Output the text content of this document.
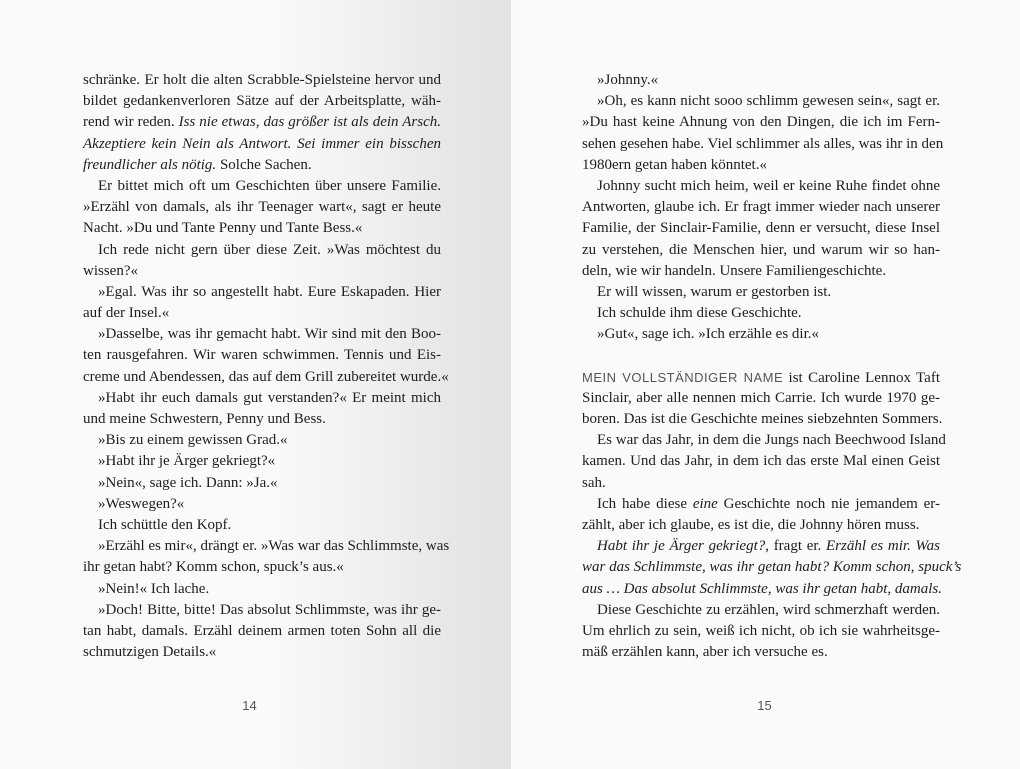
schränke. Er holt die alten Scrabble-Spielsteine hervor und
bildet gedankenverloren Sätze auf der Arbeitsplatte, wäh-
rend wir reden. Iss nie etwas, das größer ist als dein Arsch.
Akzeptiere kein Nein als Antwort. Sei immer ein bisschen
freundlicher als nötig. Solche Sachen.
Er bittet mich oft um Geschichten über unsere Familie.
»Erzähl von damals, als ihr Teenager wart«, sagt er heute
Nacht. »Du und Tante Penny und Tante Bess.«
Ich rede nicht gern über diese Zeit. »Was möchtest du
wissen?«
»Egal. Was ihr so angestellt habt. Eure Eskapaden. Hier
auf der Insel.«
»Dasselbe, was ihr gemacht habt. Wir sind mit den Boo-
ten rausgefahren. Wir waren schwimmen. Tennis und Eis-
creme und Abendessen, das auf dem Grill zubereitet wurde.«
»Habt ihr euch damals gut verstanden?« Er meint mich
und meine Schwestern, Penny und Bess.
»Bis zu einem gewissen Grad.«
»Habt ihr je Ärger gekriegt?«
»Nein«, sage ich. Dann: »Ja.«
»Weswegen?«
Ich schüttle den Kopf.
»Erzähl es mir«, drängt er. »Was war das Schlimmste, was
ihr getan habt? Komm schon, spuck’s aus.«
»Nein!« Ich lache.
»Doch! Bitte, bitte! Das absolut Schlimmste, was ihr ge-
tan habt, damals. Erzähl deinem armen toten Sohn all die
schmutzigen Details.«
14
»Johnny.«
»Oh, es kann nicht sooo schlimm gewesen sein«, sagt er.
»Du hast keine Ahnung von den Dingen, die ich im Fern-
sehen gesehen habe. Viel schlimmer als alles, was ihr in den
1980ern getan haben könntet.«
Johnny sucht mich heim, weil er keine Ruhe findet ohne
Antworten, glaube ich. Er fragt immer wieder nach unserer
Familie, der Sinclair-Familie, denn er versucht, diese Insel
zu verstehen, die Menschen hier, und warum wir so han-
deln, wie wir handeln. Unsere Familiengeschichte.
Er will wissen, warum er gestorben ist.
Ich schulde ihm diese Geschichte.
»Gut«, sage ich. »Ich erzähle es dir.«
MEIN VOLLSTÄNDIGER NAME ist Caroline Lennox Taft
Sinclair, aber alle nennen mich Carrie. Ich wurde 1970 ge-
boren. Das ist die Geschichte meines siebzehnten Sommers.
Es war das Jahr, in dem die Jungs nach Beechwood Island
kamen. Und das Jahr, in dem ich das erste Mal einen Geist
sah.
Ich habe diese eine Geschichte noch nie jemandem er-
zählt, aber ich glaube, es ist die, die Johnny hören muss.
Habt ihr je Ärger gekriegt?, fragt er. Erzähl es mir. Was
war das Schlimmste, was ihr getan habt? Komm schon, spuck’s
aus … Das absolut Schlimmste, was ihr getan habt, damals.
Diese Geschichte zu erzählen, wird schmerzhaft werden.
Um ehrlich zu sein, weiß ich nicht, ob ich sie wahrheitsge-
mäß erzählen kann, aber ich versuche es.
15
